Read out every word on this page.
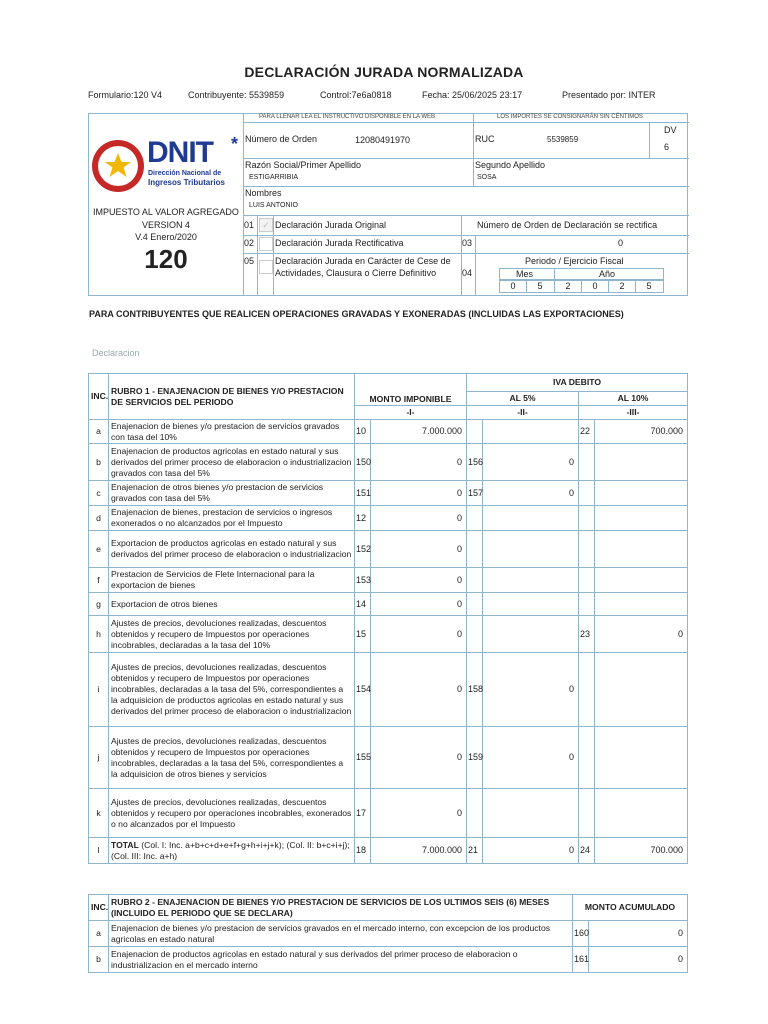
DECLARACIÓN JURADA NORMALIZADA
Formulario:120 V4	Contribuyente: 5539859	Control:7e6a0818	Fecha: 25/06/2025 23:17	Presentado por: INTER
PARA LLENAR LEA EL INSTRUCTIVO DISPONIBLE EN LA WEB	LOS IMPORTES SE CONSIGNARÁN SIN CÉNTIMOS
DNIT *
Dirección Nacional de
Ingresos Tributarios
IMPUESTO AL VALOR AGREGADO
VERSION 4
V.4 Enero/2020
120
Número de Orden	12080491970	RUC	5539859
DV
6
Razón Social/Primer Apellido
ESTIGARRIBIA
Segundo Apellido
SOSA
Nombres
LUIS ANTONIO
01 ✓ Declaración Jurada Original	Número de Orden de Declaración se rectifica
02 Declaración Jurada Rectificativa	03	0
05 Declaración Jurada en Carácter de Cese de
Actividades, Clausura o Cierre Definitivo	04
Periodo / Ejercicio Fiscal
Mes	Año
0	5	2	0	2	5
PARA CONTRIBUYENTES QUE REALICEN OPERACIONES GRAVADAS Y EXONERADAS (INCLUIDAS LAS EXPORTACIONES)
Declaracion
INC.	RUBRO 1 - ENAJENACION DE BIENES Y/O PRESTACION DE SERVICIOS DEL PERIODO	MONTO IMPONIBLE		IVA DEBITO			
				AL 5%		AL 10%	
		-I-		-II-		-III-	
a	Enajenacion de bienes y/o prestacion de servicios gravados con tasa del 10%	10	7.000.000			22	700.000
b	Enajenacion de productos agricolas en estado natural y sus derivados del primer proceso de elaboracion o industrializacion gravados con tasa del 5%	150	0	156	0		
c	Enajenacion de otros bienes y/o prestacion de servicios gravados con tasa del 5%	151	0	157	0		
d	Enajenacion de bienes, prestacion de servicios o ingresos exonerados o no alcanzados por el Impuesto	12	0				
e	Exportacion de productos agricolas en estado natural y sus derivados del primer proceso de elaboracion o industrializacion	152	0				
f	Prestacion de Servicios de Flete Internacional para la exportacion de bienes	153	0				
g	Exportacion de otros bienes	14	0				
h	Ajustes de precios, devoluciones realizadas, descuentos obtenidos y recupero de Impuestos por operaciones incobrables, declaradas a la tasa del 10%	15	0			23	0
i	Ajustes de precios, devoluciones realizadas, descuentos obtenidos y recupero de Impuestos por operaciones incobrables, declaradas a la tasa del 5%, correspondientes a la adquisicion de productos agricolas en estado natural y sus derivados del primer proceso de elaboracion o industrializacion	154	0	158	0		
j	Ajustes de precios, devoluciones realizadas, descuentos obtenidos y recupero de Impuestos por operaciones incobrables, declaradas a la tasa del 5%, correspondientes a la adquisicion de otros bienes y servicios	155	0	159	0		
k	Ajustes de precios, devoluciones realizadas, descuentos obtenidos y recupero por operaciones incobrables, exonerados o no alcanzados por el Impuesto	17	0				
l	TOTAL (Col. I: Inc. a+b+c+d+e+f+g+h+i+j+k); (Col. II: b+c+i+j); (Col. III: Inc. a+h)	18	7.000.000	21	0	24	700.000
INC.	RUBRO 2 - ENAJENACION DE BIENES Y/O PRESTACION DE SERVICIOS DE LOS ULTIMOS SEIS (6) MESES (INCLUIDO EL PERIODO QUE SE DECLARA)	MONTO ACUMULADO	
a	Enajenacion de bienes y/o prestacion de servicios gravados en el mercado interno, con excepcion de los productos agricolas en estado natural	160	0
b	Enajenacion de productos agricolas en estado natural y sus derivados del primer proceso de elaboracion o industrializacion en el mercado interno	161	0
